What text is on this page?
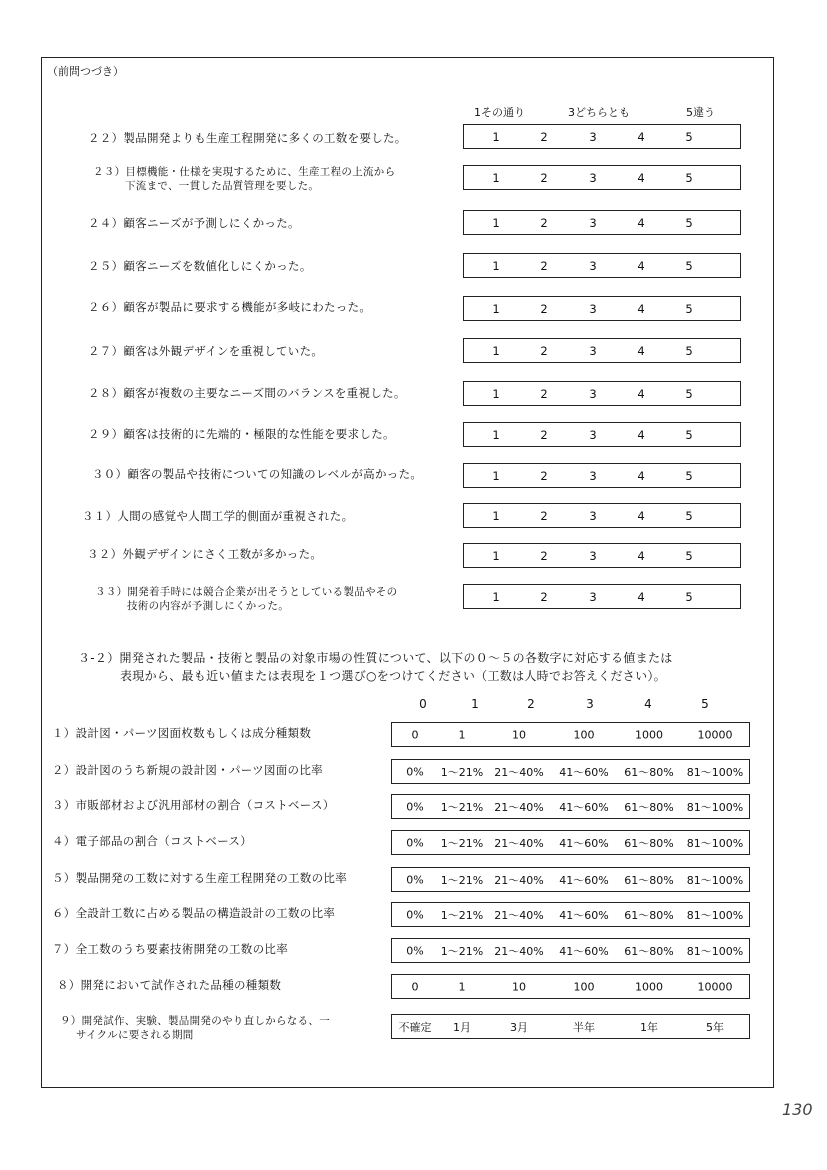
（前問つづき）
1その通り	3どちらとも	5違う
２２）製品開発よりも生産工程開発に多くの工数を要した。	1	2	3	4	5
２３）目標機能・仕様を実現するために、生産工程の上流から
下流まで、一貫した品質管理を要した。
1	2	3	4	5
２４）顧客ニーズが予測しにくかった。	1	2	3	4	5
２５）顧客ニーズを数値化しにくかった。	1	2	3	4	5
２６）顧客が製品に要求する機能が多岐にわたった。	1	2	3	4	5
２７）顧客は外観デザインを重視していた。	1	2	3	4	5
２８）顧客が複数の主要なニーズ間のバランスを重視した。	1	2	3	4	5
２９）顧客は技術的に先端的・極限的な性能を要求した。	1	2	3	4	5
３０）顧客の製品や技術についての知識のレベルが高かった。	1	2	3	4	5
３１）人間の感覚や人間工学的側面が重視された。	1	2	3	4	5
３２）外観デザインにさく工数が多かった。	1	2	3	4	5
３３）開発着手時には競合企業が出そうとしている製品やその
技術の内容が予測しにくかった。
1	2	3	4	5
３-２）開発された製品・技術と製品の対象市場の性質について、以下の０～５の各数字に対応する値または
表現から、最も近い値または表現を１つ選び○をつけてください（工数は人時でお答えください）。
0	1	2	3	4	5
１）設計図・パーツ図面枚数もしくは成分種類数	0	1	10	100	1000	10000
２）設計図のうち新規の設計図・パーツ図面の比率	0% 1～21% 21～40% 41～60% 61～80% 81～100%
３）市販部材および汎用部材の割合（コストベース）	0% 1～21% 21～40% 41～60% 61～80% 81～100%
４）電子部品の割合（コストベース）	0% 1～21% 21～40% 41～60% 61～80% 81～100%
５）製品開発の工数に対する生産工程開発の工数の比率	0% 1～21% 21～40% 41～60% 61～80% 81～100%
６）全設計工数に占める製品の構造設計の工数の比率	0% 1～21% 21～40% 41～60% 61～80% 81～100%
７）全工数のうち要素技術開発の工数の比率	0% 1～21% 21～40% 41～60% 61～80% 81～100%
８）開発において試作された品種の種類数	0	1	10	100	1000	10000
９）開発試作、実験、製品開発のやり直しからなる、一
サイクルに要される期間
不確定 1月	3月	半年	1年	5年
130
